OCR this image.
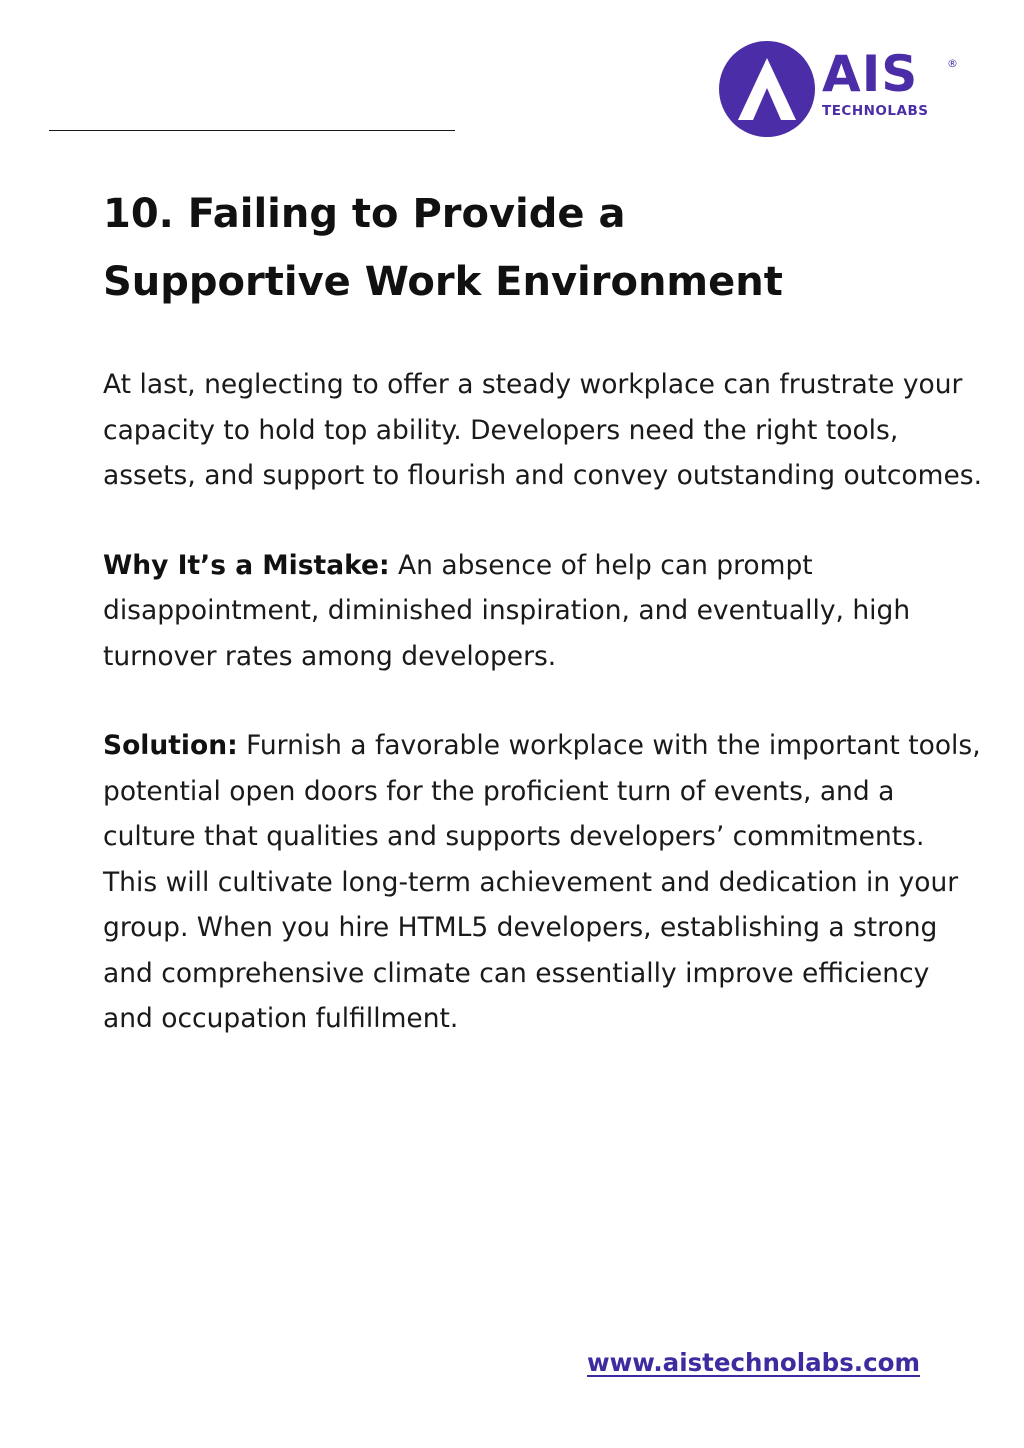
AIS	®
TECHNOLABS
10. Failing to Provide a
Supportive Work Environment

At last, neglecting to offer a steady workplace can frustrate your capacity to hold top ability. Developers need the right tools, assets, and support to flourish and convey outstanding outcomes.

Why It’s a Mistake: An absence of help can prompt disappointment, diminished inspiration, and eventually, high turnover rates among developers.

Solution: Furnish a favorable workplace with the important tools, potential open doors for the proficient turn of events, and a culture that qualities and supports developers’ commitments. This will cultivate long-term achievement and dedication in your group. When you hire HTML5 developers, establishing a strong and comprehensive climate can essentially improve efficiency and occupation fulfillment.

www.aistechnolabs.com
